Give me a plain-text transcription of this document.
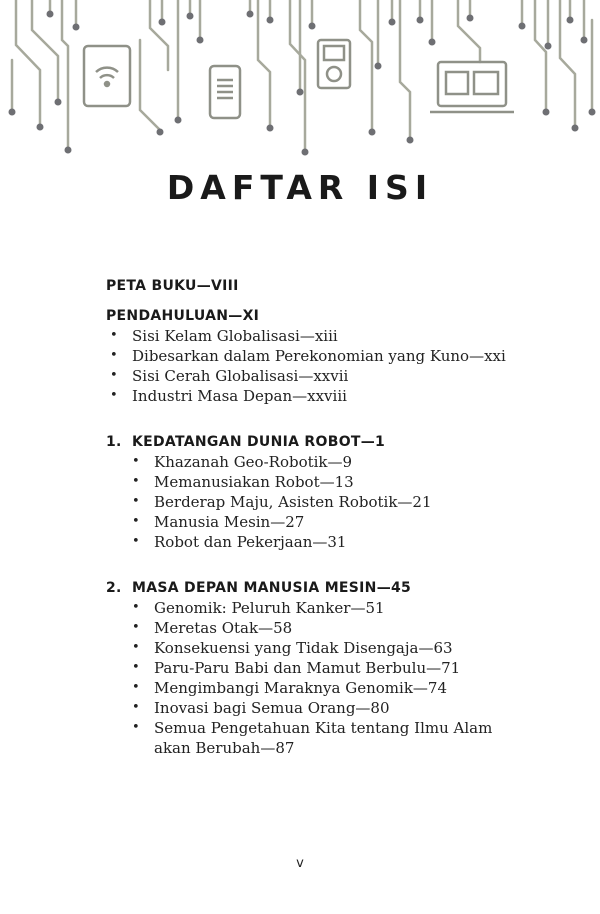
DAFTAR ISI
PETA BUKU—VIII
PENDAHULUAN—XI
• Sisi Kelam Globalisasi—xiii
• Dibesarkan dalam Perekonomian yang Kuno—xxi
• Sisi Cerah Globalisasi—xxvii
• Industri Masa Depan—xxviii
1. KEDATANGAN DUNIA ROBOT—1
• Khazanah Geo-Robotik—9
• Memanusiakan Robot—13
• Berderap Maju, Asisten Robotik—21
• Manusia Mesin—27
• Robot dan Pekerjaan—31
2. MASA DEPAN MANUSIA MESIN—45
• Genomik: Peluruh Kanker—51
• Meretas Otak—58
• Konsekuensi yang Tidak Disengaja—63
• Paru-Paru Babi dan Mamut Berbulu—71
• Mengimbangi Maraknya Genomik—74
• Inovasi bagi Semua Orang—80
• Semua Pengetahuan Kita tentang Ilmu Alam
akan Berubah—87
v
